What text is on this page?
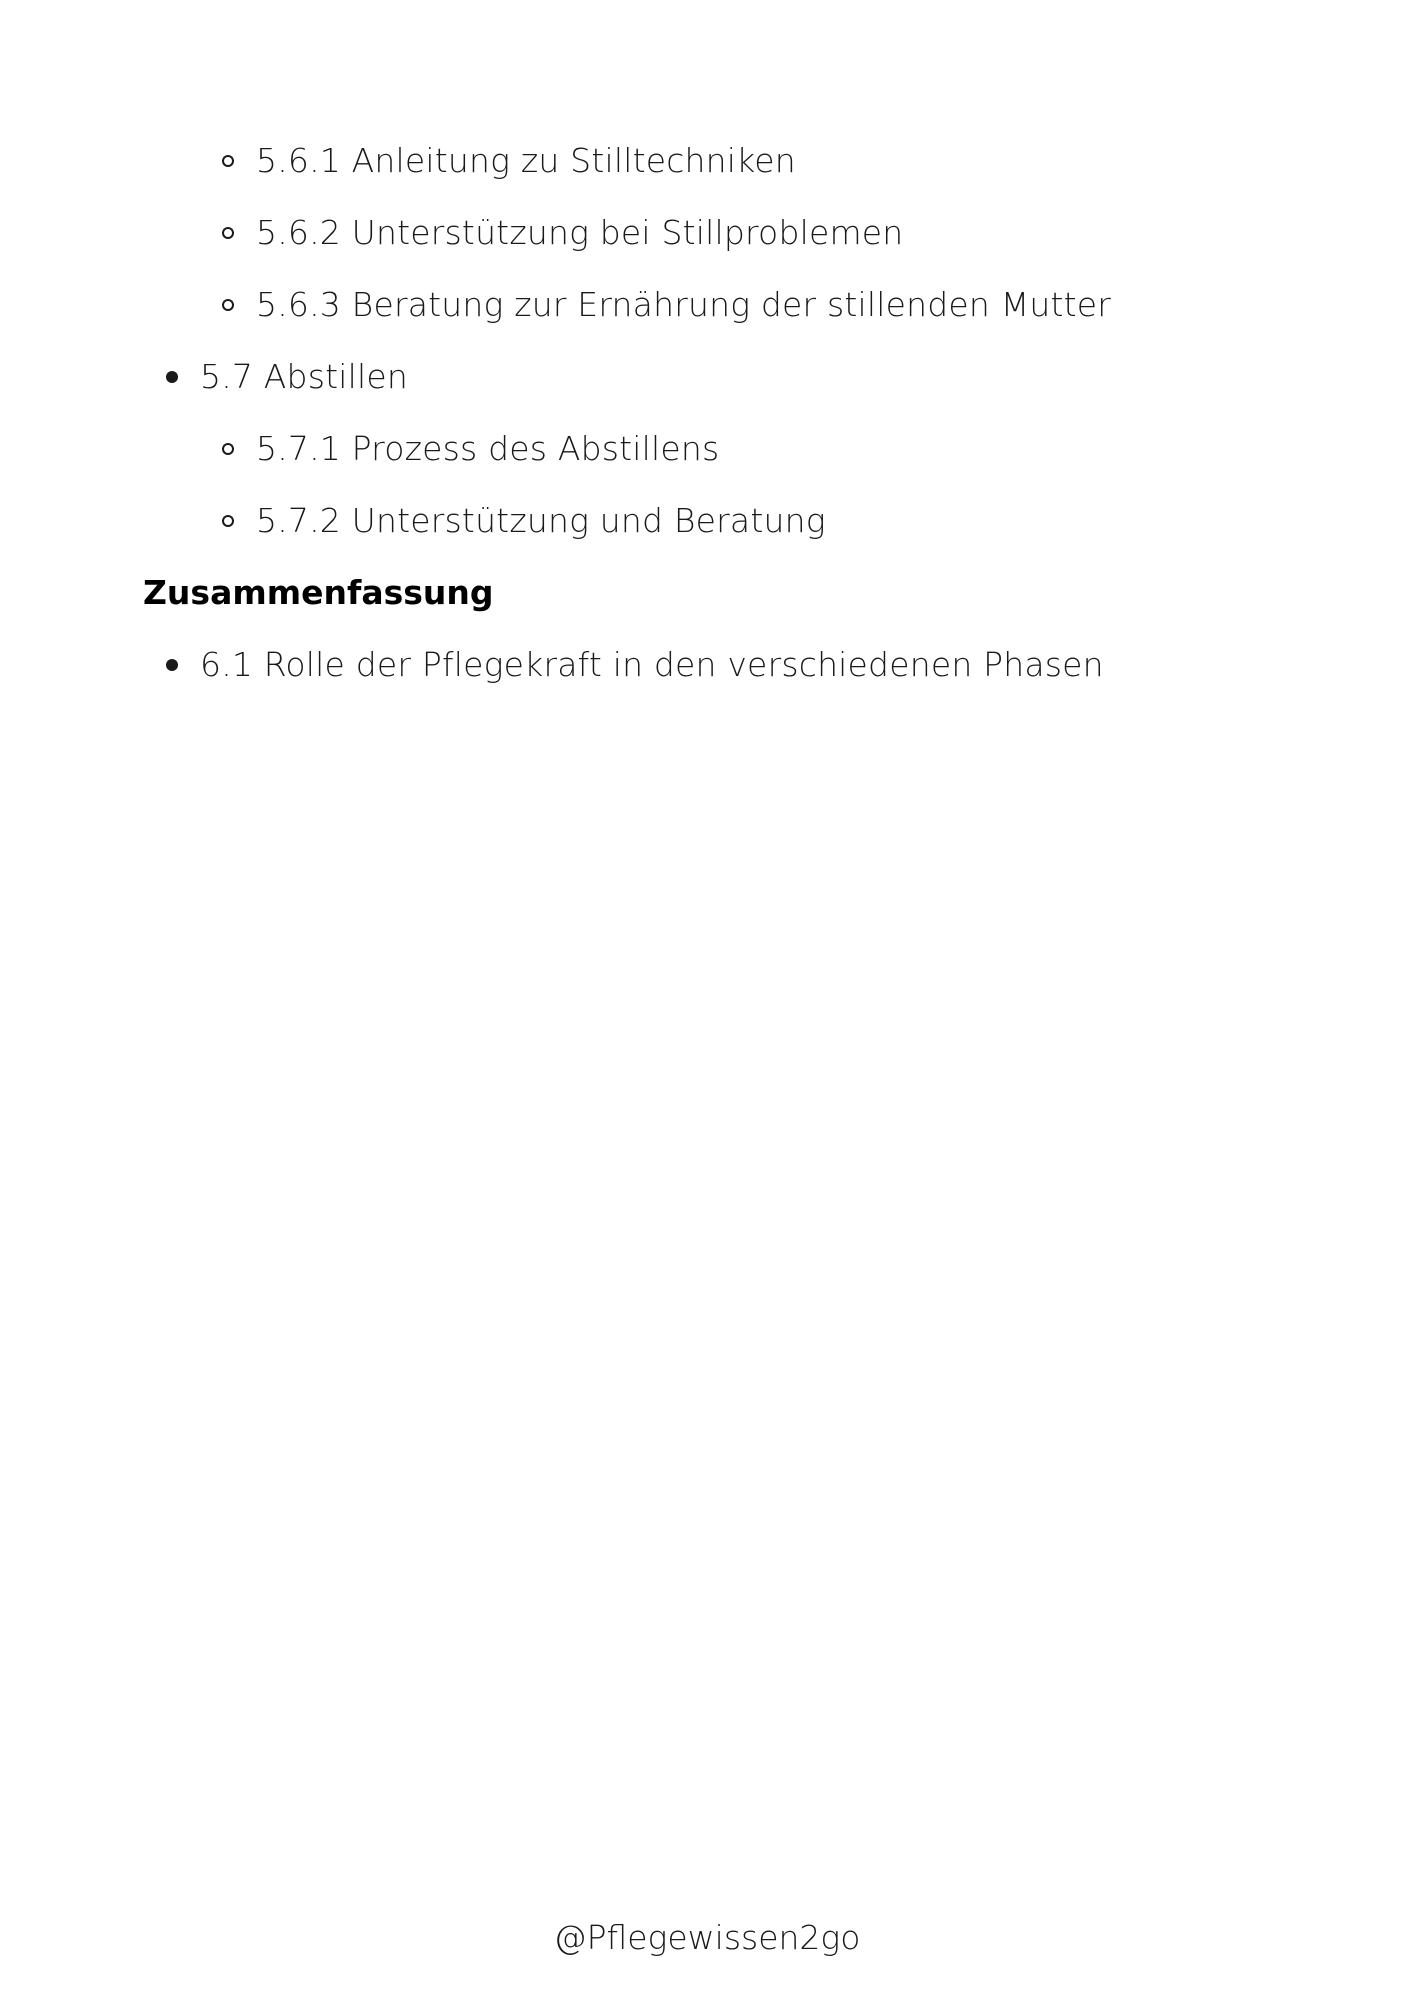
5.6.1 Anleitung zu Stilltechniken
5.6.2 Unterstützung bei Stillproblemen
5.6.3 Beratung zur Ernährung der stillenden Mutter
5.7 Abstillen
5.7.1 Prozess des Abstillens
5.7.2 Unterstützung und Beratung
Zusammenfassung
6.1 Rolle der Pflegekraft in den verschiedenen Phasen
@Pflegewissen2go
